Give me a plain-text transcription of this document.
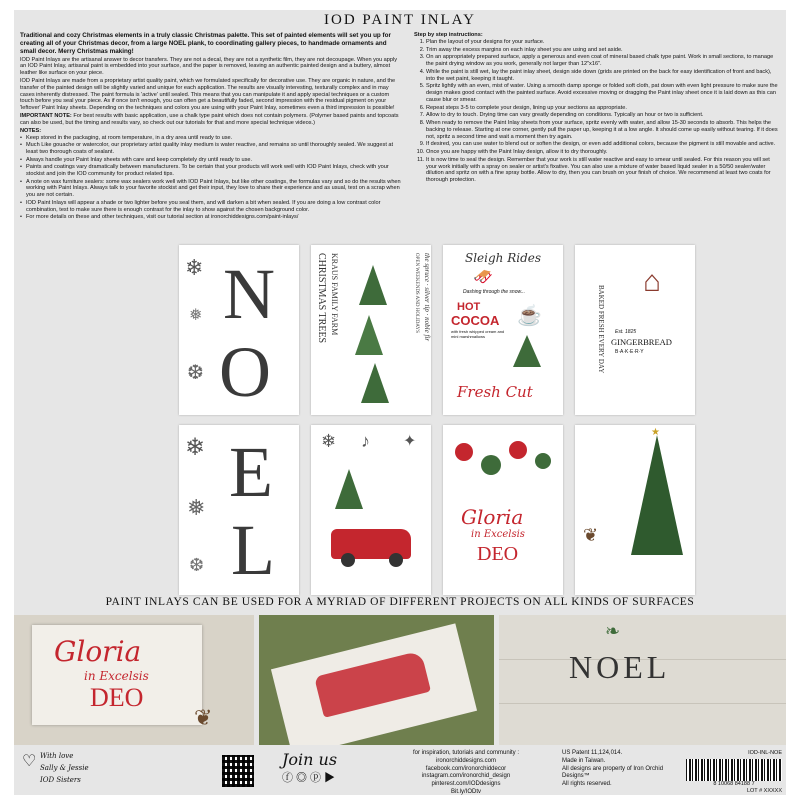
IOD PAINT INLAY
Traditional and cozy Christmas elements in a truly classic Christmas palette. This set of painted elements will set you up for creating all of your Christmas decor, from a large NOEL plank, to coordinating gallery pieces, to handmade ornaments and small decor. Merry Christmas making!
IOD Paint Inlays are the artisanal answer to decor transfers. They are not a decal, they are not a synthetic film, they are not decoupage. When you apply an IOD Paint Inlay, artisanal paint is embedded into your surface, and the paper is removed, leaving an authentic painted design and a buttery, almost leather like surface on your piece.
IOD Paint Inlays are made from a proprietary artist quality paint, which we formulated specifically for decorative use. They are organic in nature, and the transfer of the painted design will be slightly varied and unique for each application. The results are visually interesting, texturally complex and in may cases inherently distressed. The paint formula is 'active' until sealed. This means that you can manipulate it and apply special techniques or a custom touch before you seal your piece. As if once isn't enough, you can often get a beautifully faded, second impression with the residual pigment on your 'leftover' Paint Inlay sheets. Depending on the techniques and colors you are using with your Paint Inlay, sometimes even a third impression is possible!
IMPORTANT NOTE: For best results with basic application, use a chalk type paint which does not contain polymers. (Polymer based paints and topcoats can also be used, but the timing and results vary, so check out our tutorials for that and more special technique videos.)
NOTES:
• Keep stored in the packaging, at room temperature, in a dry area until ready to use.
• Much Like gouache or watercolor, our proprietary artist quality inlay medium is water reactive, and remains so until thoroughly sealed. We suggest at least two thorough coats of sealant.
• Always handle your Paint Inlay sheets with care and keep completely dry until ready to use.
• Paints and coatings vary dramatically between manufacturers. To be certain that your products will work well with IOD Paint Inlays, check with your stockist and join the IOD community for product related tips.
• A note on wax furniture sealers: some wax sealers work well with IOD Paint Inlays, but like other coatings, the formulas vary and so do the results when working with Paint Inlays. Always talk to your favorite stockist and get their input, they love to share their experience and as usual, test on a scrap when you are not certain.
• IOD Paint Inlays will appear a shade or two lighter before you seal them, and will darken a bit when sealed. If you are doing a low contrast color combination, test to make sure there is enough contrast for the inlay to show against the chosen background color.
• For more details on these and other techniques, visit our tutorial section at ironorchiddesigns.com/paint-inlays/
Step by step instructions:
1. Plan the layout of your designs for your surface.
2. Trim away the excess margins on each inlay sheet you are using and set aside.
3. On an appropriately prepared surface, apply a generous and even coat of mineral based chalk type paint. Work in small sections, to manage the paint drying window as you work, generally not larger than 12"x16".
4. While the paint is still wet, lay the paint inlay sheet, design side down (grids are printed on the back for easy identification of front and back), into the wet paint, keeping it taught.
5. Spritz lightly with an even, mist of water. Using a smooth damp sponge or folded soft cloth, pat down with even light pressure to make sure the design makes good contact with the painted surface. Avoid excessive moving or dragging the Paint inlay sheet once it is laid down as this can cause blur or smear.
6. Repeat steps 3-5 to complete your design, lining up your sections as appropriate.
7. Allow to dry to touch. Drying time can vary greatly depending on conditions. Typically an hour or two is sufficient.
8. When ready to remove the Paint Inlay sheets from your surface, spritz evenly with water, and allow 15-30 seconds to absorb. This helps the backing to release. Starting at one corner, gently pull the paper up, keeping it at a low angle. It should come up easily without tearing. If it does not, spritz a second time and wait a moment then try again.
9. If desired, you can use water to blend out or soften the design, or even add additional colors, because the pigment is still movable and active.
10. Once you are happy with the Paint Inlay design, allow it to dry thoroughly.
11. It is now time to seal the design. Remember that your work is still water reactive and easy to smear until sealed. For this reason you will set your work initially with a spray on sealer or artist's fixative. You can also use a mixture of water based liquid sealer in a 50/50 sealer/water dilution and spritz on with a fine spray bottle. Allow to dry, then you can brush on your finish of choice. We recommend at least two coats for thorough protection.
❄
❅
❆
N
O
KRAUS FAMILY FARM
CHRISTMAS TREES	the spruce · silver tip · noble fir
OPEN WEEKENDS AND HOLIDAYS	Sleigh Rides
🛷
Dashing through the snow...
HOT
COCOA
with fresh whipped cream and mini marshmallows
☕
Fresh Cut
BAKED FRESH EVERY DAY Est. 1825
GINGERBREAD
B·A·K·E·R·Y
⌂
❄
❅
❆
E
L
❄ ♪ ✦
Gloria
in Excelsis
DEO
★
❦
PAINT INLAYS CAN BE USED FOR A MYRIAD OF DIFFERENT PROJECTS ON ALL KINDS OF SURFACES
Gloria
in Excelsis
DEO
❦
NOEL
❧
♡ With love
Sally & Jessie
IOD Sisters
Join us
ⓕ◎ⓟ▶
for inspiration, tutorials and community :
ironorchiddesigns.com
facebook.com/ironorchiddecor
instagram.com/ironorchid_design
pinterest.com/IODdesigns
Bit.ly/IODtv
US Patent 11,124,014.
Made in Taiwan.
All designs are property of Iron Orchid Designs™
All rights reserved.
IOD-INL-NOE
8 10068 84188 7
LOT # XXXXX
